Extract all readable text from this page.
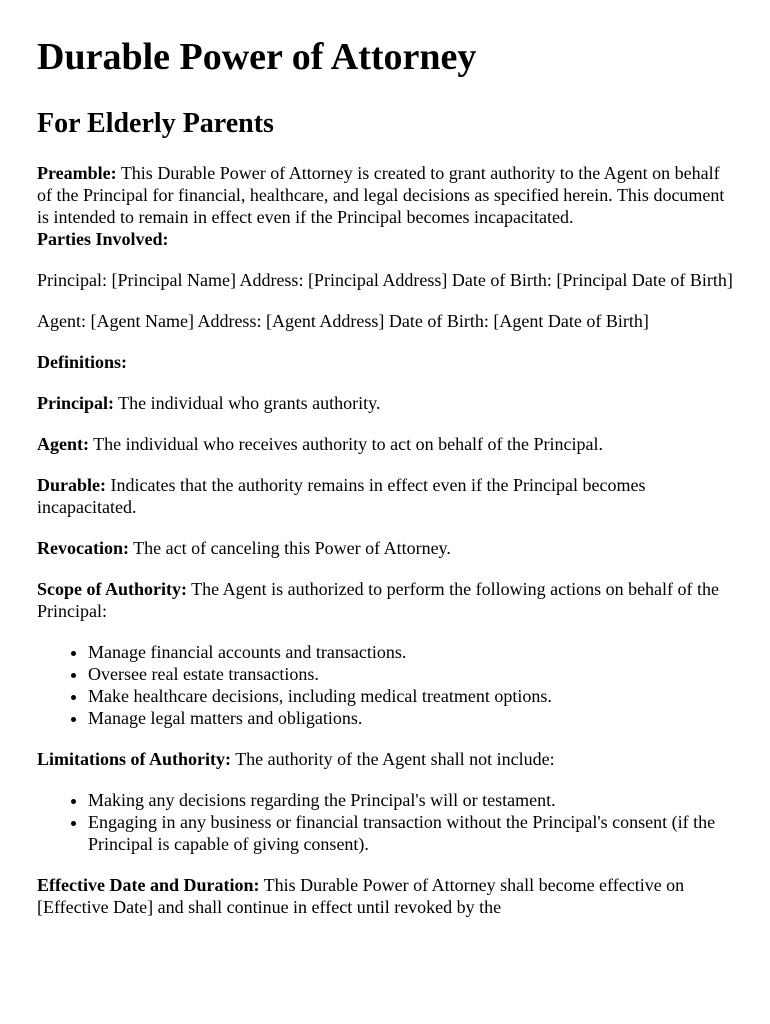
Durable Power of Attorney
For Elderly Parents

Preamble: This Durable Power of Attorney is created to grant authority to the Agent on behalf of the Principal for financial, healthcare, and legal decisions as specified herein. This document is intended to remain in effect even if the Principal becomes incapacitated.

Parties Involved:

Principal: [Principal Name] Address: [Principal Address] Date of Birth: [Principal Date of Birth]

Agent: [Agent Name] Address: [Agent Address] Date of Birth: [Agent Date of Birth]

Definitions:

Principal: The individual who grants authority.

Agent: The individual who receives authority to act on behalf of the Principal.

Durable: Indicates that the authority remains in effect even if the Principal becomes incapacitated.

Revocation: The act of canceling this Power of Attorney.

Scope of Authority: The Agent is authorized to perform the following actions on behalf of the Principal:

• Manage financial accounts and transactions.
• Oversee real estate transactions.
• Make healthcare decisions, including medical treatment options.
• Manage legal matters and obligations.

Limitations of Authority: The authority of the Agent shall not include:

• Making any decisions regarding the Principal's will or testament.
• Engaging in any business or financial transaction without the Principal's consent (if the Principal is capable of giving consent).

Effective Date and Duration: This Durable Power of Attorney shall become effective on [Effective Date] and shall continue in effect until revoked by the
